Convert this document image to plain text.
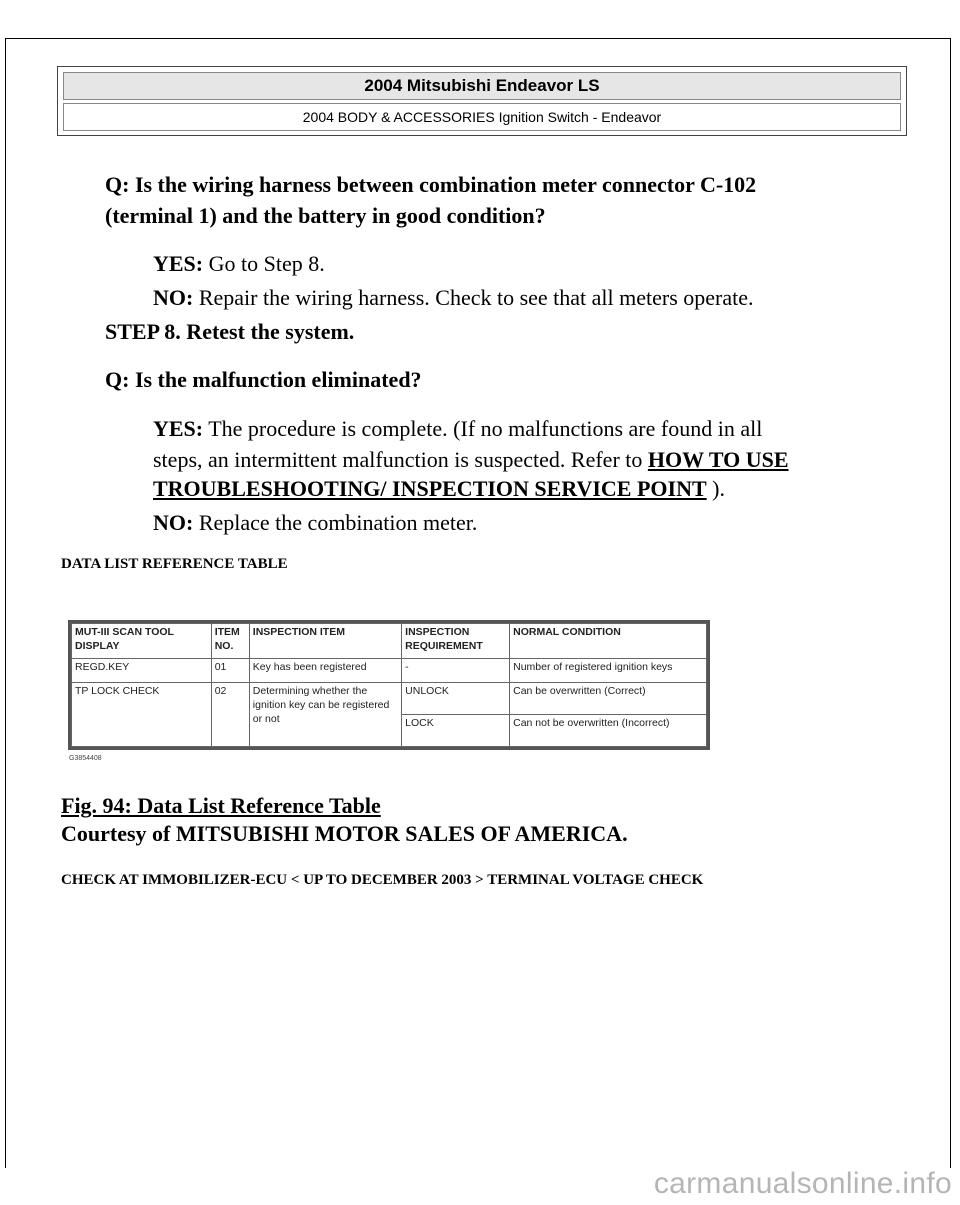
2004 Mitsubishi Endeavor LS
2004 BODY & ACCESSORIES Ignition Switch - Endeavor
Q: Is the wiring harness between combination meter connector C-102
(terminal 1) and the battery in good condition?
YES: Go to Step 8.
NO: Repair the wiring harness. Check to see that all meters operate.
STEP 8. Retest the system.
Q: Is the malfunction eliminated?
YES: The procedure is complete. (If no malfunctions are found in all
steps, an intermittent malfunction is suspected. Refer to HOW TO USE
TROUBLESHOOTING/ INSPECTION SERVICE POINT ).
NO: Replace the combination meter.
DATA LIST REFERENCE TABLE
MUT-III SCAN TOOL DISPLAY	ITEM NO.	INSPECTION ITEM	INSPECTION REQUIREMENT	NORMAL CONDITION
REGD.KEY	01	Key has been registered	-	Number of registered ignition keys
TP LOCK CHECK	02	Determining whether the ignition key can be registered or not	UNLOCK	Can be overwritten (Correct)
			LOCK	Can not be overwritten (Incorrect)
G3854408
Fig. 94: Data List Reference Table
Courtesy of MITSUBISHI MOTOR SALES OF AMERICA.
CHECK AT IMMOBILIZER-ECU < UP TO DECEMBER 2003 > TERMINAL VOLTAGE CHECK
carmanualsonline.info
